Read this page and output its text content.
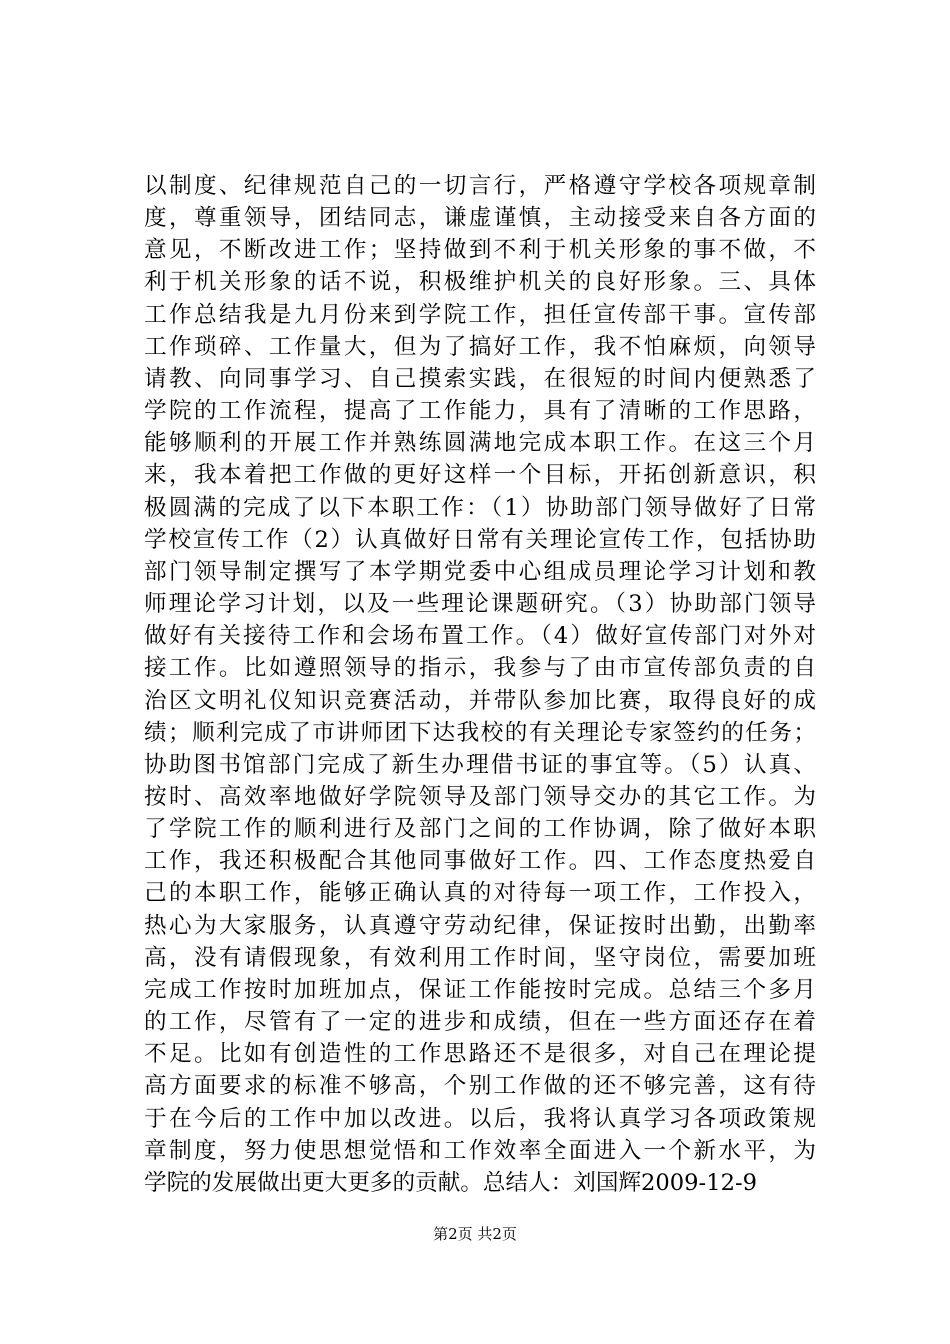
以制度、纪律规范自己的一切言行，严格遵守学校各项规章制
度，尊重领导，团结同志，谦虚谨慎，主动接受来自各方面的
意见，不断改进工作；坚持做到不利于机关形象的事不做，不
利于机关形象的话不说，积极维护机关的良好形象。三、具体
工作总结我是九月份来到学院工作，担任宣传部干事。宣传部
工作琐碎、工作量大，但为了搞好工作，我不怕麻烦，向领导
请教、向同事学习、自己摸索实践，在很短的时间内便熟悉了
学院的工作流程，提高了工作能力，具有了清晰的工作思路，
能够顺利的开展工作并熟练圆满地完成本职工作。在这三个月
来，我本着把工作做的更好这样一个目标，开拓创新意识，积
极圆满的完成了以下本职工作：（1）协助部门领导做好了日常
学校宣传工作（2）认真做好日常有关理论宣传工作，包括协助
部门领导制定撰写了本学期党委中心组成员理论学习计划和教
师理论学习计划，以及一些理论课题研究。（3）协助部门领导
做好有关接待工作和会场布置工作。（4）做好宣传部门对外对
接工作。比如遵照领导的指示，我参与了由市宣传部负责的自
治区文明礼仪知识竞赛活动，并带队参加比赛，取得良好的成
绩；顺利完成了市讲师团下达我校的有关理论专家签约的任务；
协助图书馆部门完成了新生办理借书证的事宜等。（5）认真、
按时、高效率地做好学院领导及部门领导交办的其它工作。为
了学院工作的顺利进行及部门之间的工作协调，除了做好本职
工作，我还积极配合其他同事做好工作。四、工作态度热爱自
己的本职工作，能够正确认真的对待每一项工作，工作投入，
热心为大家服务，认真遵守劳动纪律，保证按时出勤，出勤率
高，没有请假现象，有效利用工作时间，坚守岗位，需要加班
完成工作按时加班加点，保证工作能按时完成。总结三个多月
的工作，尽管有了一定的进步和成绩，但在一些方面还存在着
不足。比如有创造性的工作思路还不是很多，对自己在理论提
高方面要求的标准不够高，个别工作做的还不够完善，这有待
于在今后的工作中加以改进。以后，我将认真学习各项政策规
章制度，努力使思想觉悟和工作效率全面进入一个新水平，为
学院的发展做出更大更多的贡献。总结人：刘国辉2009-12-9
第2页 共2页
